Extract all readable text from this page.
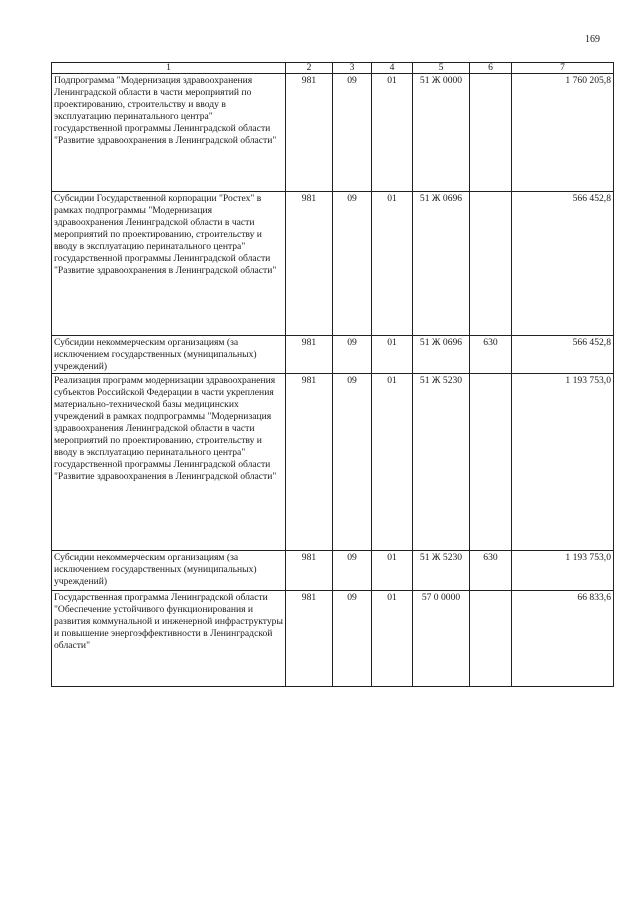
169
1	2	3	4	5	6	7
Подпрограмма "Модернизация здравоохранения Ленинградской области в части мероприятий по проектированию, строительству и вводу в эксплуатацию перинатального центра" государственной программы Ленинградской области "Развитие здравоохранения в Ленинградской области"	981	09	01	51 Ж 0000		1 760 205,8
Субсидии Государственной корпорации "Ростех" в рамках подпрограммы "Модернизация здравоохранения Ленинградской области в части мероприятий по проектированию, строительству и вводу в эксплуатацию перинатального центра" государственной программы Ленинградской области "Развитие здравоохранения в Ленинградской области"	981	09	01	51 Ж 0696		566 452,8
Субсидии некоммерческим организациям (за исключением государственных (муниципальных) учреждений)	981	09	01	51 Ж 0696	630	566 452,8
Реализация программ модернизации здравоохранения субъектов Российской Федерации в части укрепления материально-технической базы медицинских учреждений в рамках подпрограммы "Модернизация здравоохранения Ленинградской области в части мероприятий по проектированию, строительству и вводу в эксплуатацию перинатального центра" государственной программы Ленинградской области "Развитие здравоохранения в Ленинградской области"	981	09	01	51 Ж 5230		1 193 753,0
Субсидии некоммерческим организациям (за исключением государственных (муниципальных) учреждений)	981	09	01	51 Ж 5230	630	1 193 753,0
Государственная программа Ленинградской области "Обеспечение устойчивого функционирования и развития коммунальной и инженерной инфраструктуры и повышение энергоэффективности в Ленинградской области"	981	09	01	57 0 0000		66 833,6
